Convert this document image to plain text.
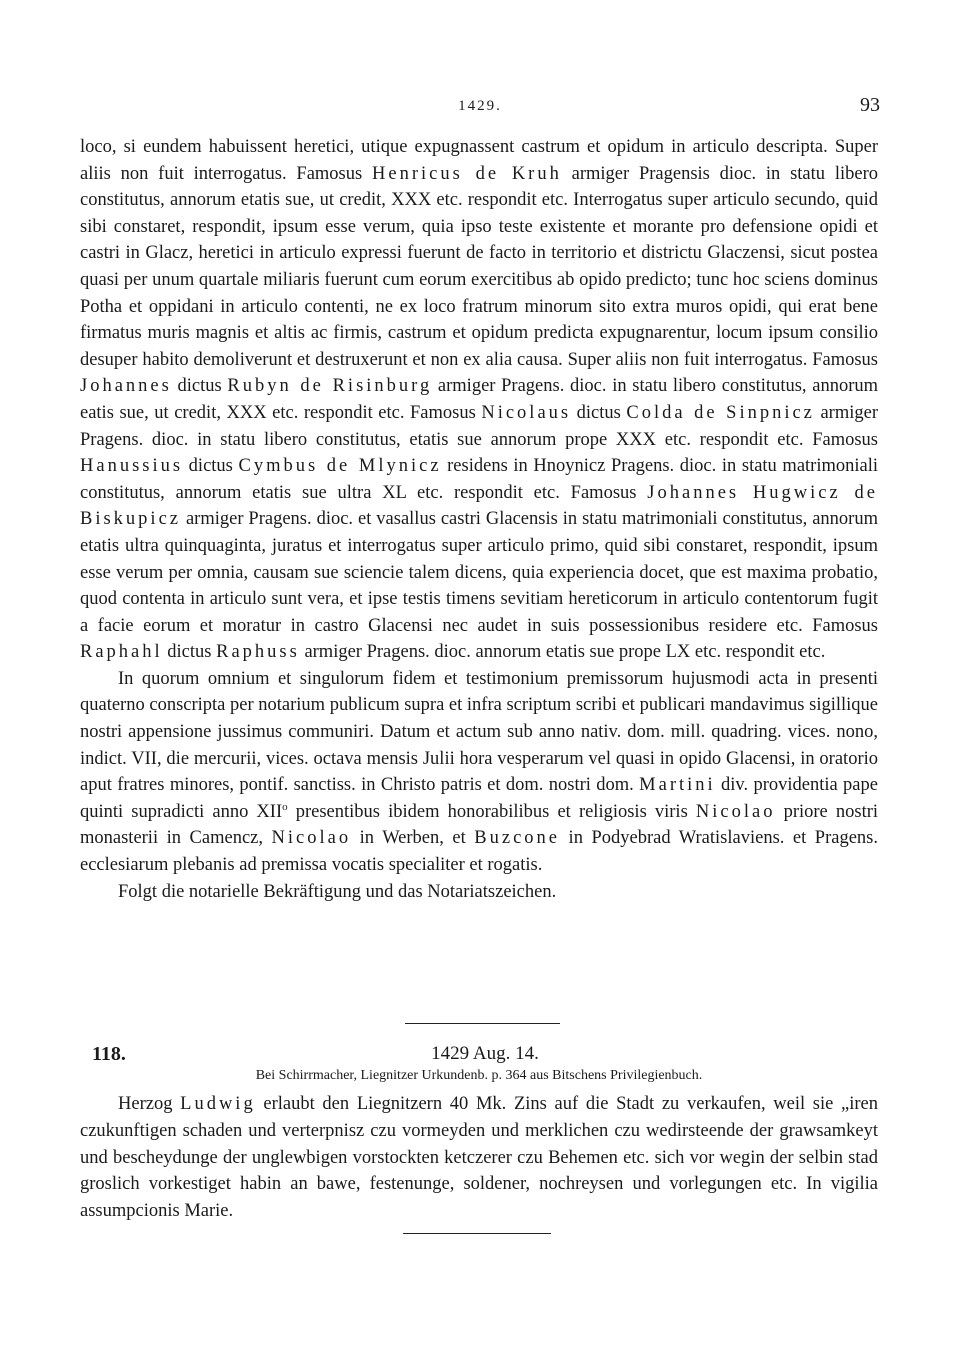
1429.	93

loco, si eundem habuissent heretici, utique expugnassent castrum et opidum in articulo descripta. Super aliis non fuit interrogatus. Famosus Henricus de Kruh armiger Pragensis dioc. in statu libero constitutus, annorum etatis sue, ut credit, XXX etc. respondit etc. Interrogatus super articulo secundo, quid sibi constaret, respondit, ipsum esse verum, quia ipso teste existente et morante pro defensione opidi et castri in Glacz, heretici in articulo expressi fuerunt de facto in territorio et districtu Glaczensi, sicut postea quasi per unum quartale miliaris fuerunt cum eorum exercitibus ab opido predicto; tunc hoc sciens dominus Potha et oppidani in articulo contenti, ne ex loco fratrum minorum sito extra muros opidi, qui erat bene firmatus muris magnis et altis ac firmis, castrum et opidum predicta expugnarentur, locum ipsum consilio desuper habito demoliverunt et destruxerunt et non ex alia causa. Super aliis non fuit interrogatus. Famosus Johannes dictus Rubyn de Risinburg armiger Pragens. dioc. in statu libero constitutus, annorum eatis sue, ut credit, XXX etc. respondit etc. Famosus Nicolaus dictus Colda de Sinpnicz armiger Pragens. dioc. in statu libero constitutus, etatis sue annorum prope XXX etc. respondit etc. Famosus Hanussius dictus Cymbus de Mlynicz residens in Hnoynicz Pragens. dioc. in statu matrimoniali constitutus, annorum etatis sue ultra XL etc. respondit etc. Famosus Johannes Hugwicz de Biskupicz armiger Pragens. dioc. et vasallus castri Glacensis in statu matrimoniali constitutus, annorum etatis ultra quinquaginta, juratus et interrogatus super articulo primo, quid sibi constaret, respondit, ipsum esse verum per omnia, causam sue sciencie talem dicens, quia experiencia docet, que est maxima probatio, quod contenta in articulo sunt vera, et ipse testis timens sevitiam hereticorum in articulo contentorum fugit a facie eorum et moratur in castro Glacensi nec audet in suis possessionibus residere etc. Famosus Raphahl dictus Raphuss armiger Pragens. dioc. annorum etatis sue prope LX etc. respondit etc.

In quorum omnium et singulorum fidem et testimonium premissorum hujusmodi acta in presenti quaterno conscripta per notarium publicum supra et infra scriptum scribi et publicari mandavimus sigillique nostri appensione jussimus communiri. Datum et actum sub anno nativ. dom. mill. quadring. vices. nono, indict. VII, die mercurii, vices. octava mensis Julii hora vesperarum vel quasi in opido Glacensi, in oratorio aput fratres minores, pontif. sanctiss. in Christo patris et dom. nostri dom. Martini div. providentia pape quinti supradicti anno XII$^o$ presentibus ibidem honorabilibus et religiosis viris Nicolao priore nostri monasterii in Camencz, Nicolao in Werben, et Buzcone in Podyebrad Wratislaviens. et Pragens. ecclesiarum plebanis ad premissa vocatis specialiter et rogatis.

Folgt die notarielle Bekräftigung und das Notariatszeichen.

118.	1429 Aug. 14.
Bei Schirrmacher, Liegnitzer Urkundenb. p. 364 aus Bitschens Privilegienbuch.

Herzog Ludwig erlaubt den Liegnitzern 40 Mk. Zins auf die Stadt zu verkaufen, weil sie „iren czukunftigen schaden und verterpnisz czu vormeyden und merklichen czu wedirsteende der grawsamkeyt und bescheydunge der unglewbigen vorstockten ketczerer czu Behemen etc. sich vor wegin der selbin stad groslich vorkestiget habin an bawe, festenunge, soldener, nochreysen und vorlegungen etc. In vigilia assumpcionis Marie.
